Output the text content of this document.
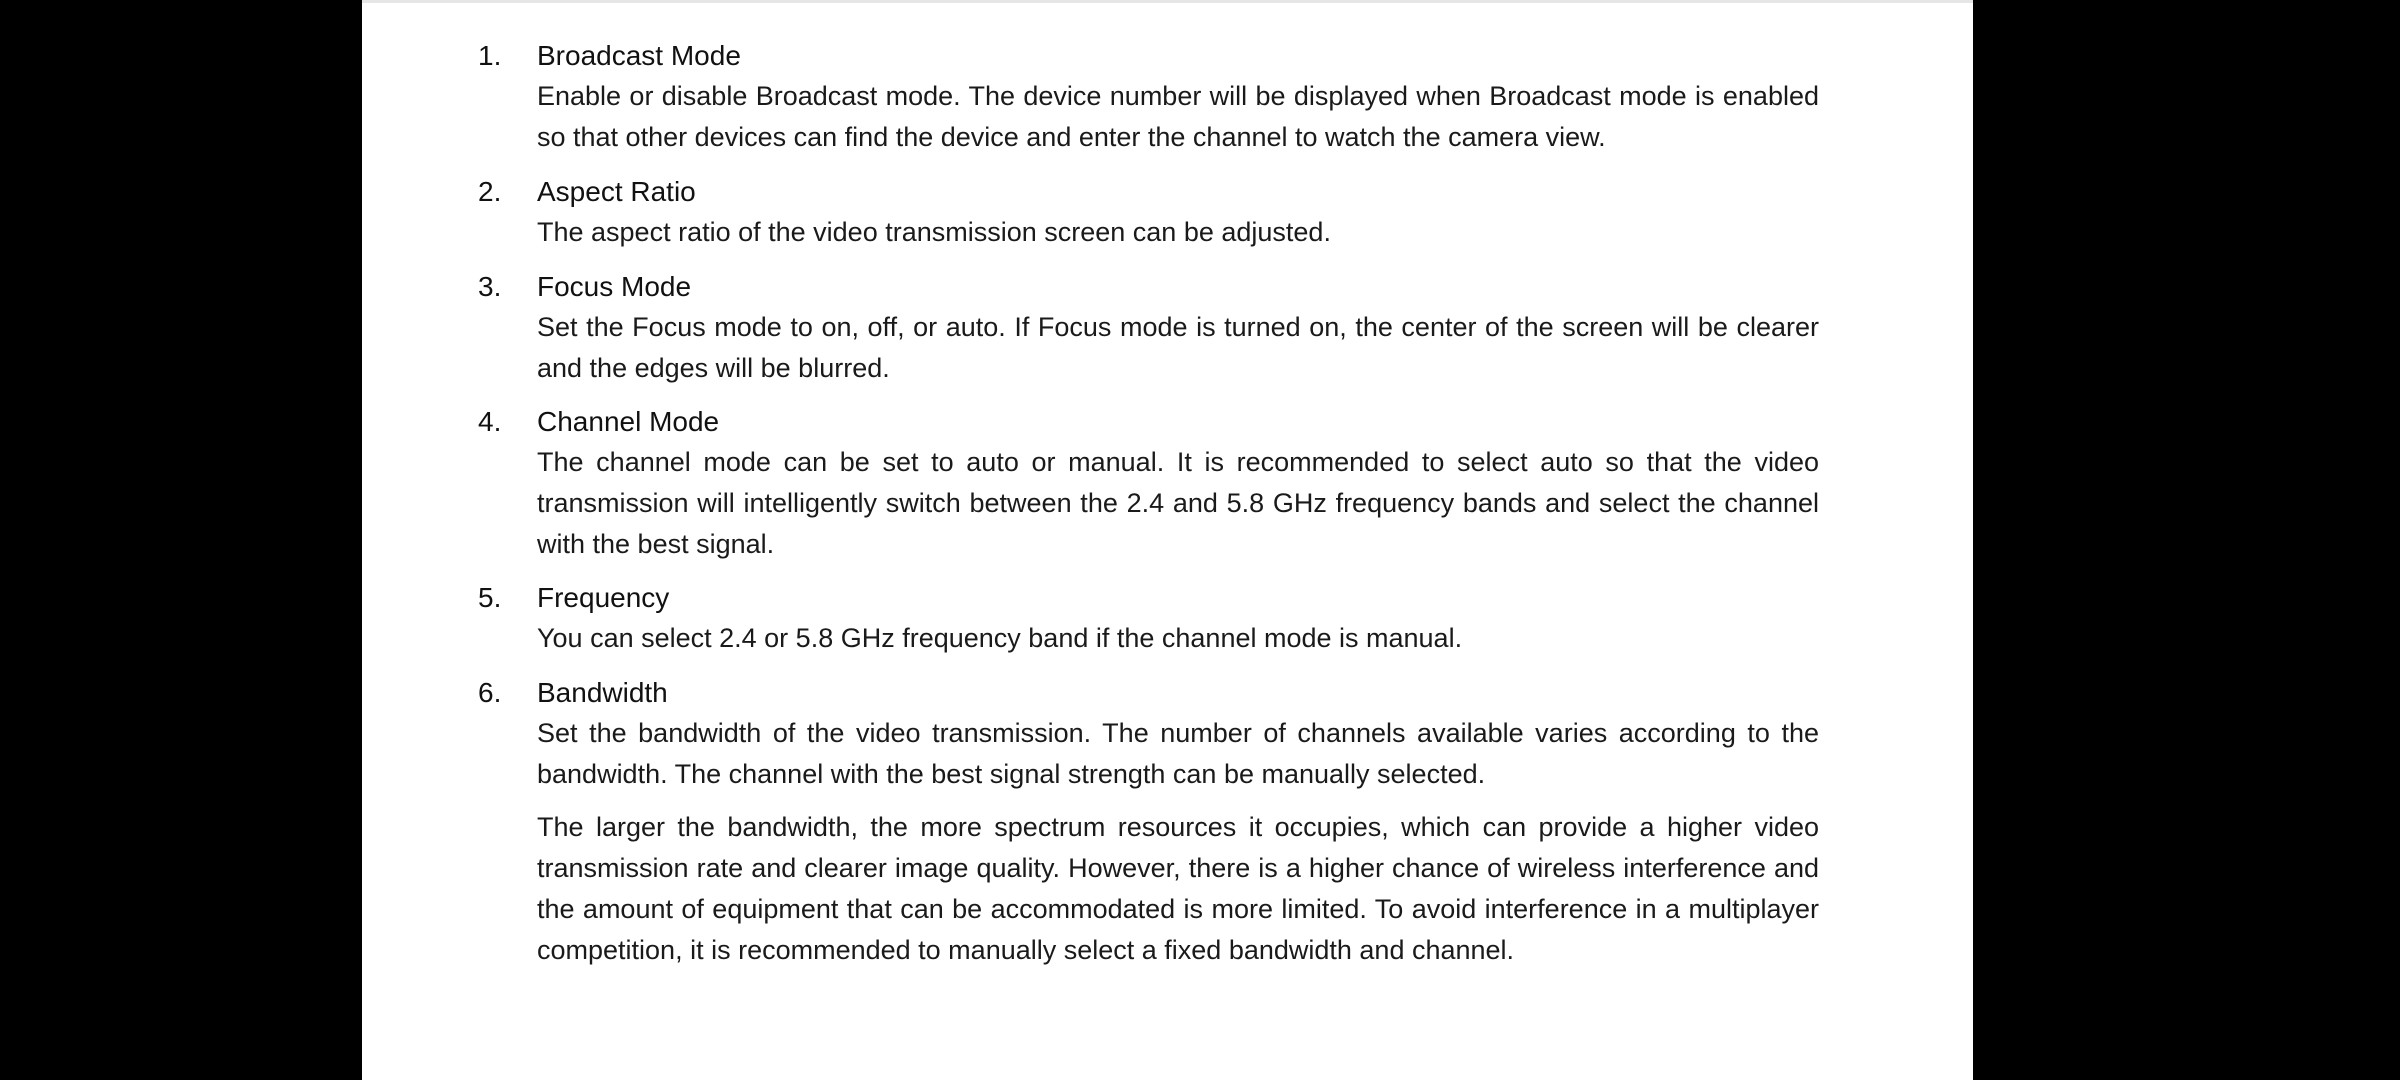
1. Broadcast Mode

Enable or disable Broadcast mode. The device number will be displayed when Broadcast mode is enabled so that other devices can find the device and enter the channel to watch the camera view.

2. Aspect Ratio

The aspect ratio of the video transmission screen can be adjusted.

3. Focus Mode

Set the Focus mode to on, off, or auto. If Focus mode is turned on, the center of the screen will be clearer and the edges will be blurred.

4. Channel Mode

The channel mode can be set to auto or manual. It is recommended to select auto so that the video transmission will intelligently switch between the 2.4 and 5.8 GHz frequency bands and select the channel with the best signal.

5. Frequency

You can select 2.4 or 5.8 GHz frequency band if the channel mode is manual.

6. Bandwidth

Set the bandwidth of the video transmission. The number of channels available varies according to the bandwidth. The channel with the best signal strength can be manually selected.

The larger the bandwidth, the more spectrum resources it occupies, which can provide a higher video transmission rate and clearer image quality. However, there is a higher chance of wireless interference and the amount of equipment that can be accommodated is more limited. To avoid interference in a multiplayer competition, it is recommended to manually select a fixed bandwidth and channel.
